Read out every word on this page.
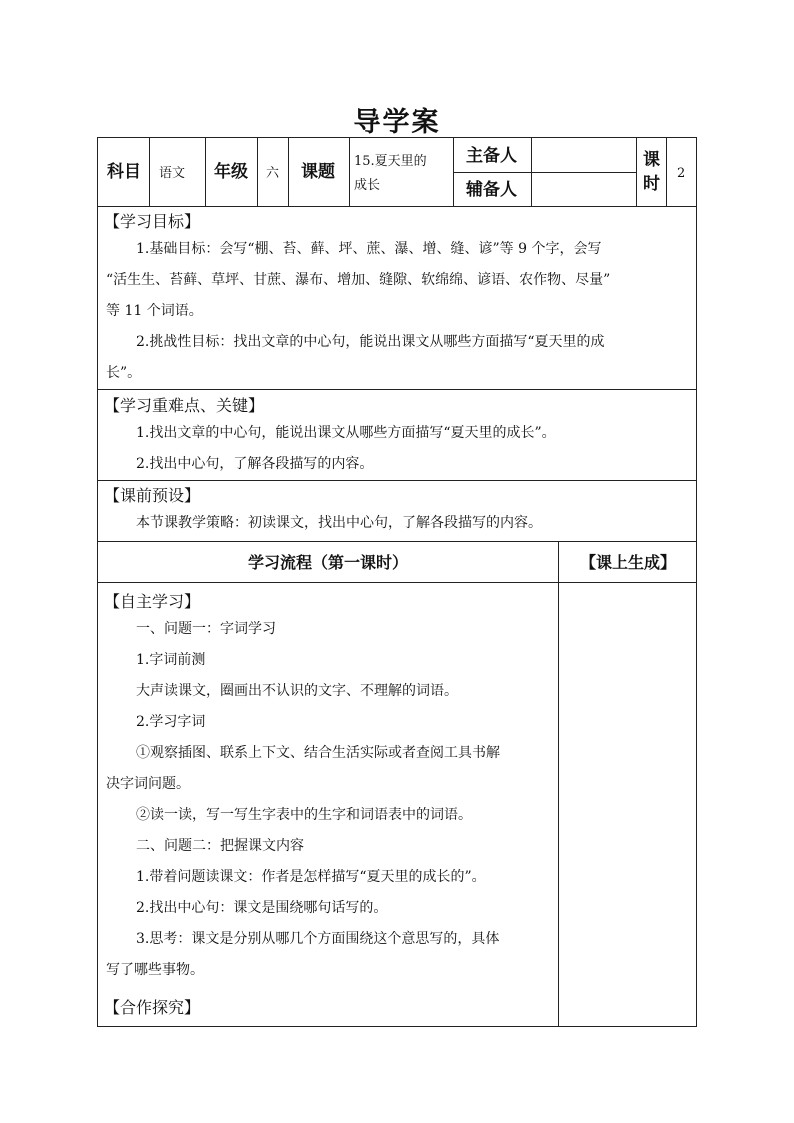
导学案
科目 语文 年级 六 课题
15.夏天里的
成长
主备人
辅备人
课
时
2
【学习目标】
1.基础目标：会写“棚、苔、藓、坪、蔗、瀑、增、缝、谚”等 9 个字，会写
“活生生、苔藓、草坪、甘蔗、瀑布、增加、缝隙、软绵绵、谚语、农作物、尽量”
等 11 个词语。
2.挑战性目标：找出文章的中心句，能说出课文从哪些方面描写“夏天里的成
长”。
【学习重难点、关键】
1.找出文章的中心句，能说出课文从哪些方面描写“夏天里的成长”。
2.找出中心句，了解各段描写的内容。
【课前预设】
本节课教学策略：初读课文，找出中心句，了解各段描写的内容。
学习流程（第一课时）	【课上生成】
【自主学习】
一、问题一：字词学习
1.字词前测
大声读课文，圈画出不认识的文字、不理解的词语。
2.学习字词
①观察插图、联系上下文、结合生活实际或者查阅工具书解
决字词问题。
②读一读，写一写生字表中的生字和词语表中的词语。
二、问题二：把握课文内容
1.带着问题读课文：作者是怎样描写“夏天里的成长的”。
2.找出中心句：课文是围绕哪句话写的。
3.思考：课文是分别从哪几个方面围绕这个意思写的，具体
写了哪些事物。
【合作探究】
